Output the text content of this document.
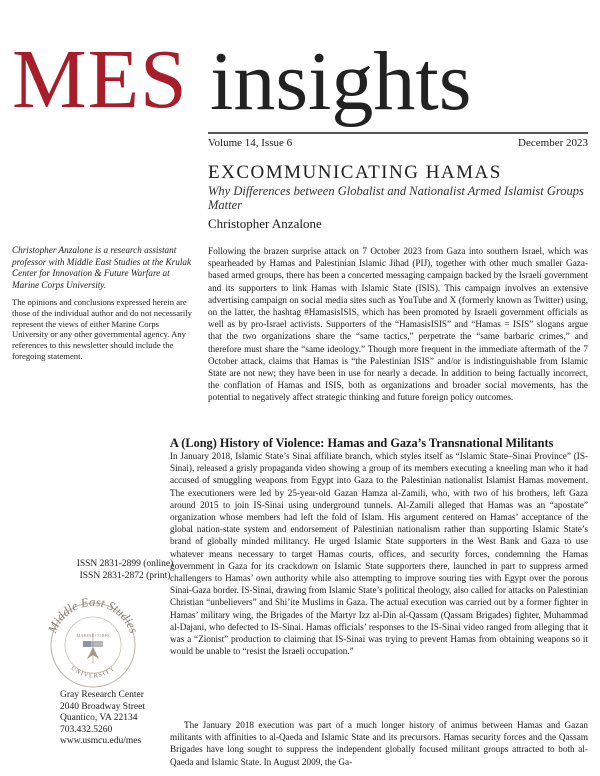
MES insights
Volume 14, Issue 6	December 2023
EXCOMMUNICATING HAMAS
Why Differences between Globalist and Nationalist Armed Islamist Groups Matter
Christopher Anzalone
Christopher Anzalone is a research assistant professor with Middle East Studies at the Krulak Center for Innovation & Future Warfare at Marine Corps University.
The opinions and conclusions expressed herein are those of the individual author and do not necessarily represent the views of either Marine Corps University or any other governmental agency. Any references to this newsletter should include the foregoing statement.
ISSN 2831-2899 (online)
ISSN 2831-2872 (print)
Middle East Studies
UNIVERSITY
MARINE CORPS
Gray Research Center
2040 Broadway Street
Quantico, VA 22134
703.432.5260
www.usmcu.edu/mes

Following the brazen surprise attack on 7 October 2023 from Gaza into southern Israel, which was spearheaded by Hamas and Palestinian Islamic Jihad (PIJ), together with other much smaller Gaza-based armed groups, there has been a concerted messaging campaign backed by the Israeli government and its supporters to link Hamas with Islamic State (ISIS). This campaign involves an extensive advertising campaign on social media sites such as YouTube and X (formerly known as Twitter) using, on the latter, the hashtag #HamasisISIS, which has been promoted by Israeli government officials as well as by pro-Israel activists. Supporters of the “HamasisISIS” and “Hamas = ISIS” slogans argue that the two organizations share the “same tactics,” perpetrate the “same barbaric crimes,” and therefore must share the “same ideology.” Though more frequent in the immediate aftermath of the 7 October attack, claims that Hamas is “the Palestinian ISIS” and/or is indistinguishable from Islamic State are not new; they have been in use for nearly a decade. In addition to being factually incorrect, the conflation of Hamas and ISIS, both as organizations and broader social movements, has the potential to negatively affect strategic thinking and future foreign policy outcomes.

A (Long) History of Violence: Hamas and Gaza’s Transnational Militants

In January 2018, Islamic State’s Sinai affiliate branch, which styles itself as “Islamic State–Sinai Province” (IS-Sinai), released a grisly propaganda video showing a group of its members executing a kneeling man who it had accused of smuggling weapons from Egypt into Gaza to the Palestinian nationalist Islamist Hamas movement. The executioners were led by 25-year-old Gazan Hamza al-Zamili, who, with two of his brothers, left Gaza around 2015 to join IS-Sinai using underground tunnels. Al-Zamili alleged that Hamas was an “apostate” organization whose members had left the fold of Islam. His argument centered on Hamas’ acceptance of the global nation-state system and endorsement of Palestinian nationalism rather than supporting Islamic State’s brand of globally minded militancy. He urged Islamic State supporters in the West Bank and Gaza to use whatever means necessary to target Hamas courts, offices, and security forces, condemning the Hamas government in Gaza for its crackdown on Islamic State supporters there, launched in part to suppress armed challengers to Hamas’ own authority while also attempting to improve souring ties with Egypt over the porous Sinai-Gaza border. IS-Sinai, drawing from Islamic State’s political theology, also called for attacks on Palestinian Christian “unbelievers” and Shi’ite Muslims in Gaza. The actual execution was carried out by a former fighter in Hamas’ military wing, the Brigades of the Martyr Izz al-Din al-Qassam (Qassam Brigades) fighter, Muhammad al-Dajani, who defected to IS-Sinai. Hamas officials’ responses to the IS-Sinai video ranged from alleging that it was a “Zionist” production to claiming that IS-Sinai was trying to prevent Hamas from obtaining weapons so it would be unable to “resist the Israeli occupation.”

The January 2018 execution was part of a much longer history of animus between Hamas and Gazan militants with affinities to al-Qaeda and Islamic State and its precursors. Hamas security forces and the Qassam Brigades have long sought to suppress the independent globally focused militant groups attracted to both al-Qaeda and Islamic State. In August 2009, the Ga-
